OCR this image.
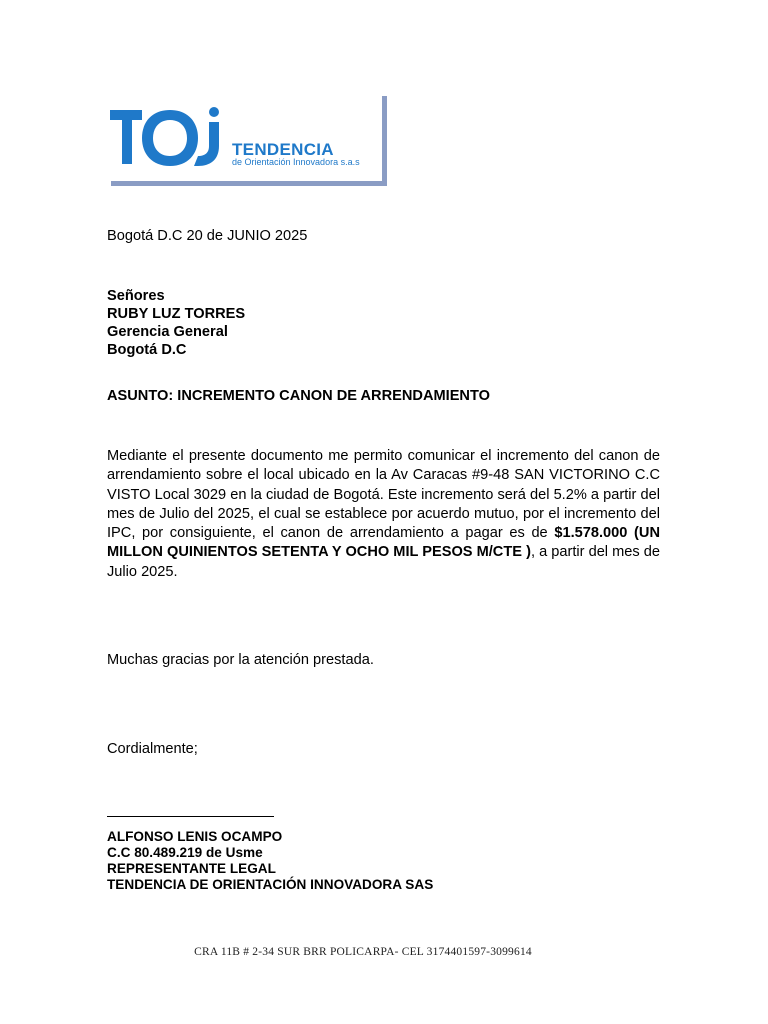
TENDENCIA
de Orientación Innovadora s.a.s
Bogotá D.C 20 de JUNIO 2025
Señores
RUBY LUZ TORRES
Gerencia General
Bogotá D.C
ASUNTO: INCREMENTO CANON DE ARRENDAMIENTO
Mediante el presente documento me permito comunicar el incremento del canon de arrendamiento sobre el local ubicado en la Av Caracas #9-48 SAN VICTORINO C.C VISTO Local 3029 en la ciudad de Bogotá. Este incremento será del 5.2% a partir del mes de Julio del 2025, el cual se establece por acuerdo mutuo, por el incremento del IPC, por consiguiente, el canon de arrendamiento a pagar es de $1.578.000 (UN MILLON QUINIENTOS SETENTA Y OCHO MIL PESOS M/CTE ), a partir del mes de Julio 2025.
Muchas gracias por la atención prestada.
Cordialmente;
ALFONSO LENIS OCAMPO
C.C 80.489.219 de Usme
REPRESENTANTE LEGAL
TENDENCIA DE ORIENTACIÓN INNOVADORA SAS
CRA 11B # 2-34 SUR BRR POLICARPA- CEL 3174401597-3099614
